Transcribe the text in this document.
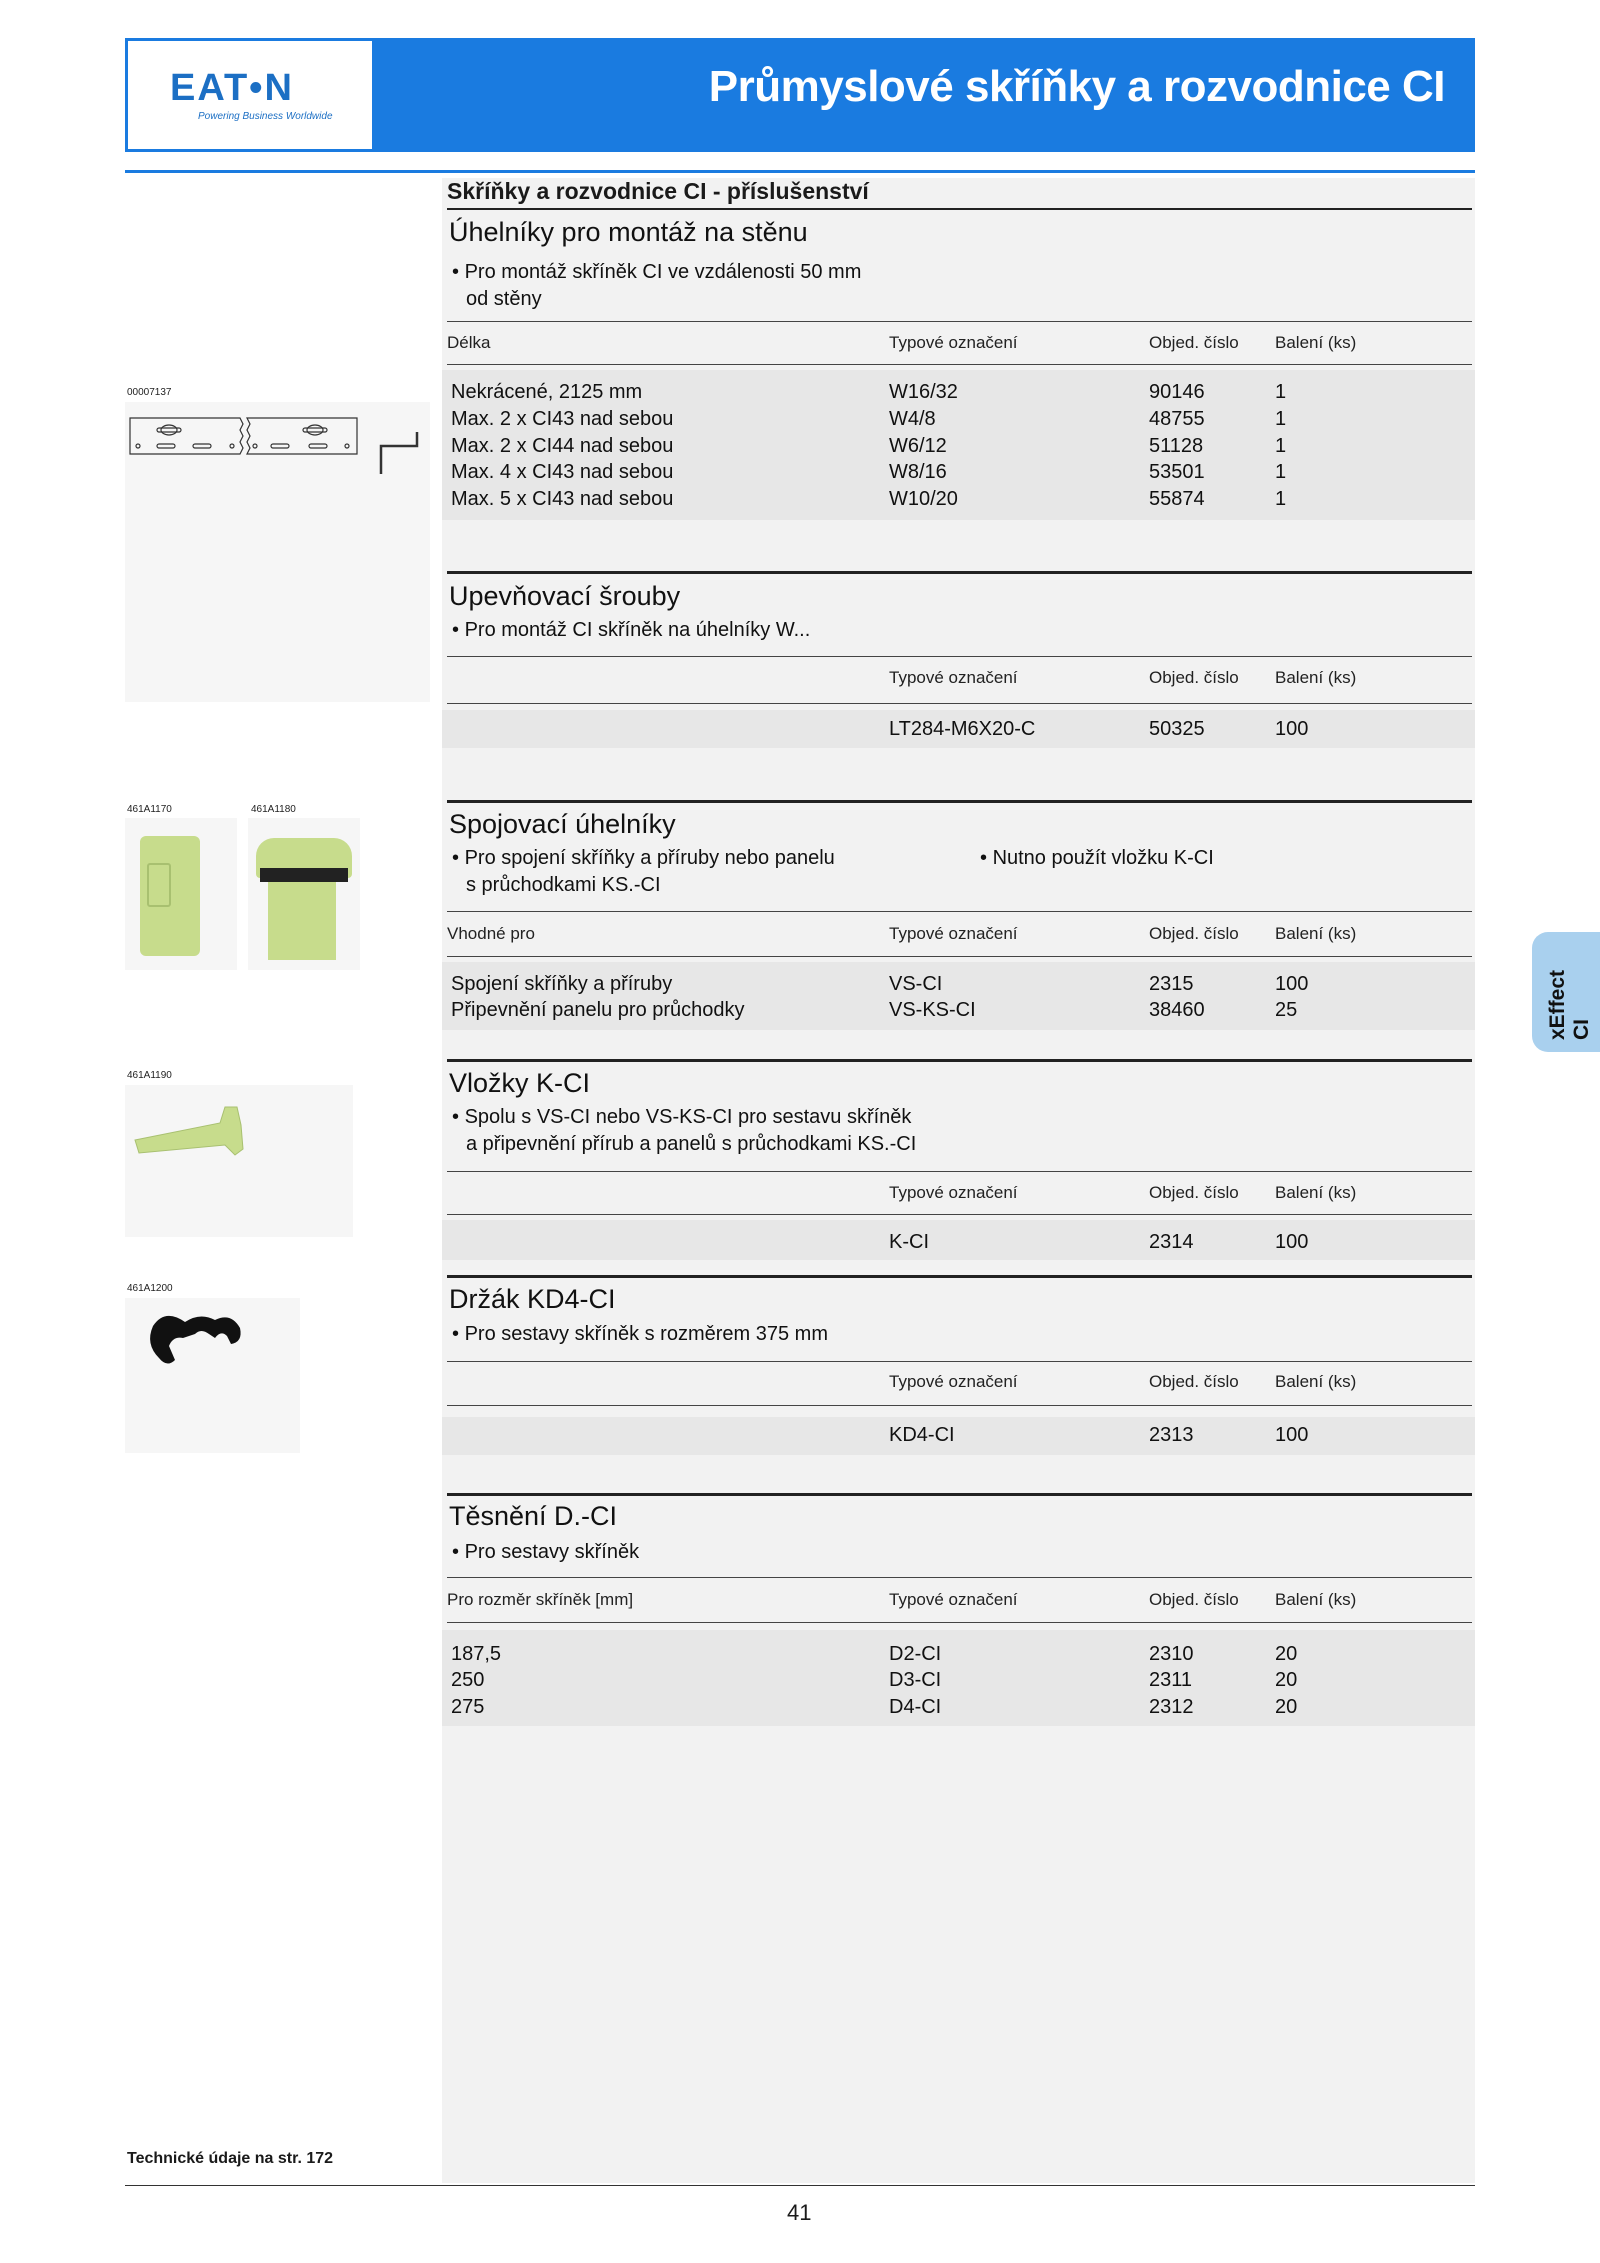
EAT•N
Powering Business Worldwide
Průmyslové skříňky a rozvodnice CI
Skříňky a rozvodnice CI - příslušenství
Úhelníky pro montáž na stěnu
• Pro montáž skříněk CI ve vzdálenosti 50 mm
od stěny
Délka	Typové označení	Objed. číslo Balení (ks)
Nekrácené, 2125 mm	W16/32	90146	1
Max. 2 x CI43 nad sebou	W4/8	48755	1
Max. 2 x CI44 nad sebou	W6/12	51128	1
Max. 4 x CI43 nad sebou	W8/16	53501	1
Max. 5 x CI43 nad sebou	W10/20	55874	1
Upevňovací šrouby
• Pro montáž CI skříněk na úhelníky W...
Typové označení	Objed. číslo Balení (ks)
LT284-M6X20-C	50325	100
Spojovací úhelníky
• Pro spojení skříňky a příruby nebo panelu
s průchodkami KS.-CI
• Nutno použít vložku K-CI
Vhodné pro	Typové označení	Objed. číslo Balení (ks)
Spojení skříňky a příruby	VS-CI	2315	100
Připevnění panelu pro průchodky	VS-KS-CI	38460	25
Vložky K-CI
• Spolu s VS-CI nebo VS-KS-CI pro sestavu skříněk
a připevnění přírub a panelů s průchodkami KS.-CI
Typové označení	Objed. číslo Balení (ks)
K-CI	2314	100
Držák KD4-CI
• Pro sestavy skříněk s rozměrem 375 mm
Typové označení	Objed. číslo Balení (ks)
KD4-CI	2313	100
Těsnění D.-CI
• Pro sestavy skříněk
Pro rozměr skříněk [mm]	Typové označení	Objed. číslo Balení (ks)
187,5	D2-CI	2310	20
250	D3-CI	2311	20
275	D4-CI	2312	20
00007137
461A1170	461A1180
461A1190
461A1200
xEffect CI
Technické údaje na str. 172
41
